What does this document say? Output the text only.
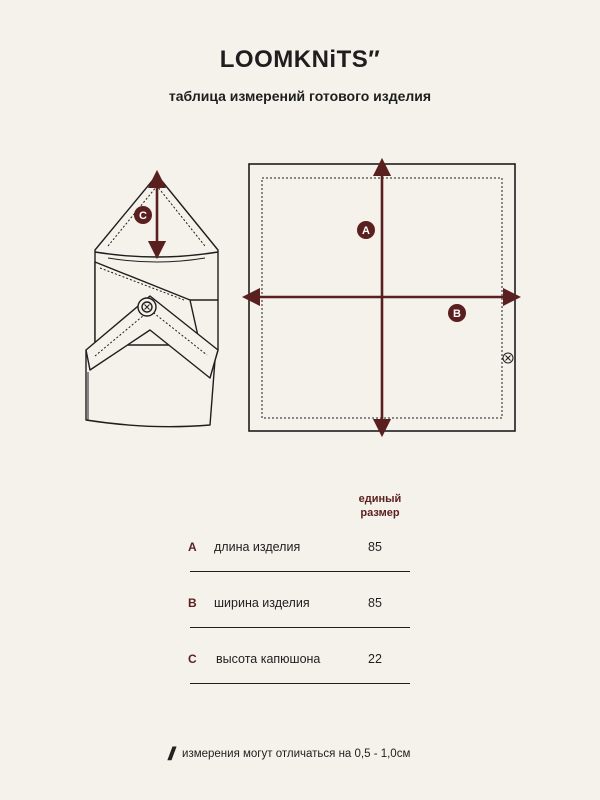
LOOMKNiTS″
таблица измерений готового изделия
C
A
B
единый
размер
A длина изделия	85
B ширина изделия	85
C высота капюшона	22
// измерения могут отличаться на 0,5 - 1,0см
